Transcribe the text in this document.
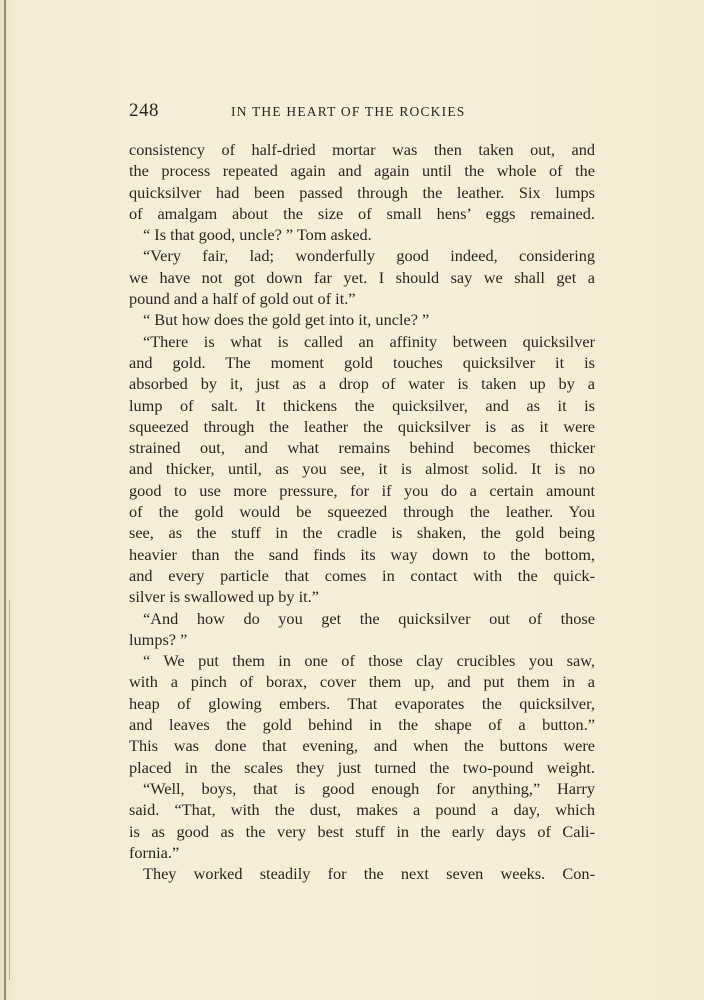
248	IN THE HEART OF THE ROCKIES
consistency of half-dried mortar was then taken out, and
the process repeated again and again until the whole of the
quicksilver had been passed through the leather. Six lumps
of amalgam about the size of small hens’ eggs remained.
“ Is that good, uncle? ” Tom asked.
“Very fair, lad; wonderfully good indeed, considering
we have not got down far yet. I should say we shall get a
pound and a half of gold out of it.”
“ But how does the gold get into it, uncle? ”
“There is what is called an affinity between quicksilver
and gold. The moment gold touches quicksilver it is
absorbed by it, just as a drop of water is taken up by a
lump of salt. It thickens the quicksilver, and as it is
squeezed through the leather the quicksilver is as it were
strained out, and what remains behind becomes thicker
and thicker, until, as you see, it is almost solid. It is no
good to use more pressure, for if you do a certain amount
of the gold would be squeezed through the leather. You
see, as the stuff in the cradle is shaken, the gold being
heavier than the sand finds its way down to the bottom,
and every particle that comes in contact with the quick-
silver is swallowed up by it.”
“And how do you get the quicksilver out of those
lumps? ”
“ We put them in one of those clay crucibles you saw,
with a pinch of borax, cover them up, and put them in a
heap of glowing embers. That evaporates the quicksilver,
and leaves the gold behind in the shape of a button.”
This was done that evening, and when the buttons were
placed in the scales they just turned the two-pound weight.
“Well, boys, that is good enough for anything,” Harry
said. “That, with the dust, makes a pound a day, which
is as good as the very best stuff in the early days of Cali-
fornia.”
They worked steadily for the next seven weeks. Con-
